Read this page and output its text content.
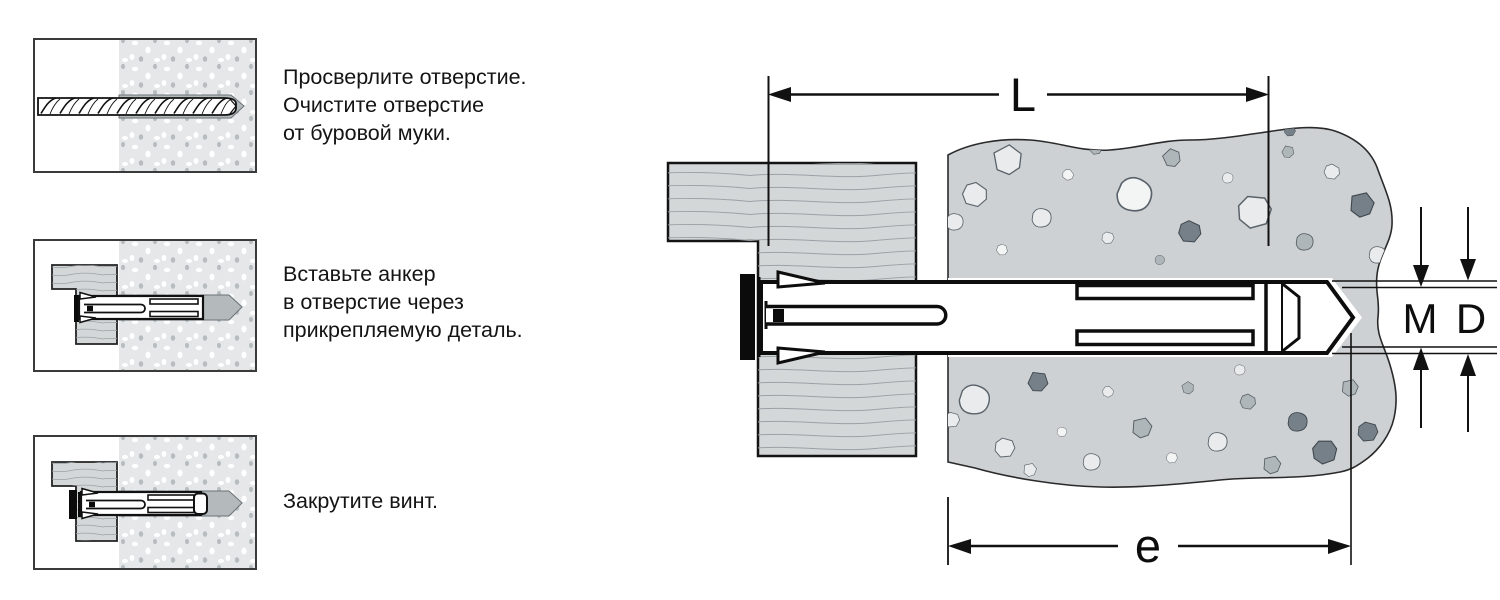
Просверлите отверстие.
Очистите отверстие
от буровой муки.
Вставьте анкер
в отверстие через
прикрепляемую деталь.
Закрутите винт.
L
e
M D
